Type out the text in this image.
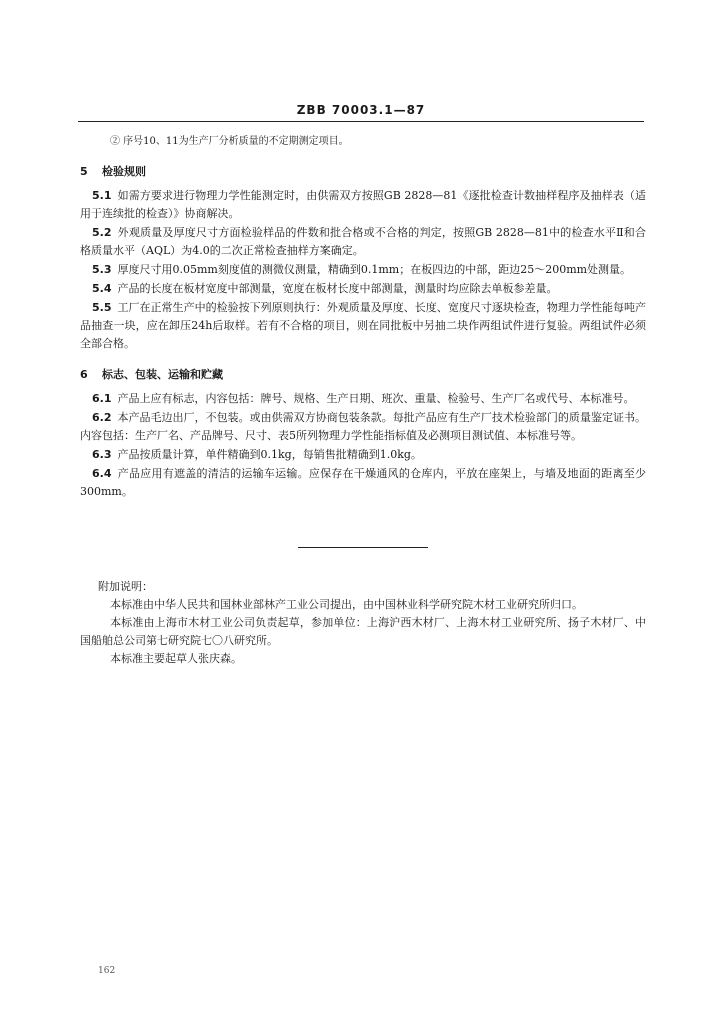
ZBB 70003.1—87
② 序号10、11为生产厂分析质量的不定期测定项目。
5 检验规则

5.1 如需方要求进行物理力学性能测定时，由供需双方按照GB 2828—81《逐批检查计数抽样程序及抽样表（适用于连续批的检查）》协商解决。

5.2 外观质量及厚度尺寸方面检验样品的件数和批合格或不合格的判定，按照GB 2828—81中的检查水平Ⅱ和合格质量水平（AQL）为4.0的二次正常检查抽样方案确定。

5.3 厚度尺寸用0.05mm刻度值的测微仪测量，精确到0.1mm；在板四边的中部，距边25～200mm处测量。

5.4 产品的长度在板材宽度中部测量，宽度在板材长度中部测量，测量时均应除去单板参差量。

5.5 工厂在正常生产中的检验按下列原则执行：外观质量及厚度、长度、宽度尺寸逐块检查，物理力学性能每吨产品抽查一块，应在卸压24h后取样。若有不合格的项目，则在同批板中另抽二块作两组试件进行复验。两组试件必须全部合格。

6 标志、包装、运输和贮藏

6.1 产品上应有标志，内容包括：牌号、规格、生产日期、班次、重量、检验号、生产厂名或代号、本标准号。

6.2 本产品毛边出厂，不包装。或由供需双方协商包装条款。每批产品应有生产厂技术检验部门的质量鉴定证书。内容包括：生产厂名、产品牌号、尺寸、表5所列物理力学性能指标值及必测项目测试值、本标准号等。

6.3 产品按质量计算，单件精确到0.1kg，每销售批精确到1.0kg。

6.4 产品应用有遮盖的清洁的运输车运输。应保存在干燥通风的仓库内，平放在座架上，与墙及地面的距离至少300mm。

附加说明：
本标准由中华人民共和国林业部林产工业公司提出，由中国林业科学研究院木材工业研究所归口。
本标准由上海市木材工业公司负责起草，参加单位：上海沪西木材厂、上海木材工业研究所、扬子木材厂、中国船舶总公司第七研究院七〇八研究所。
本标准主要起草人张庆森。
162
